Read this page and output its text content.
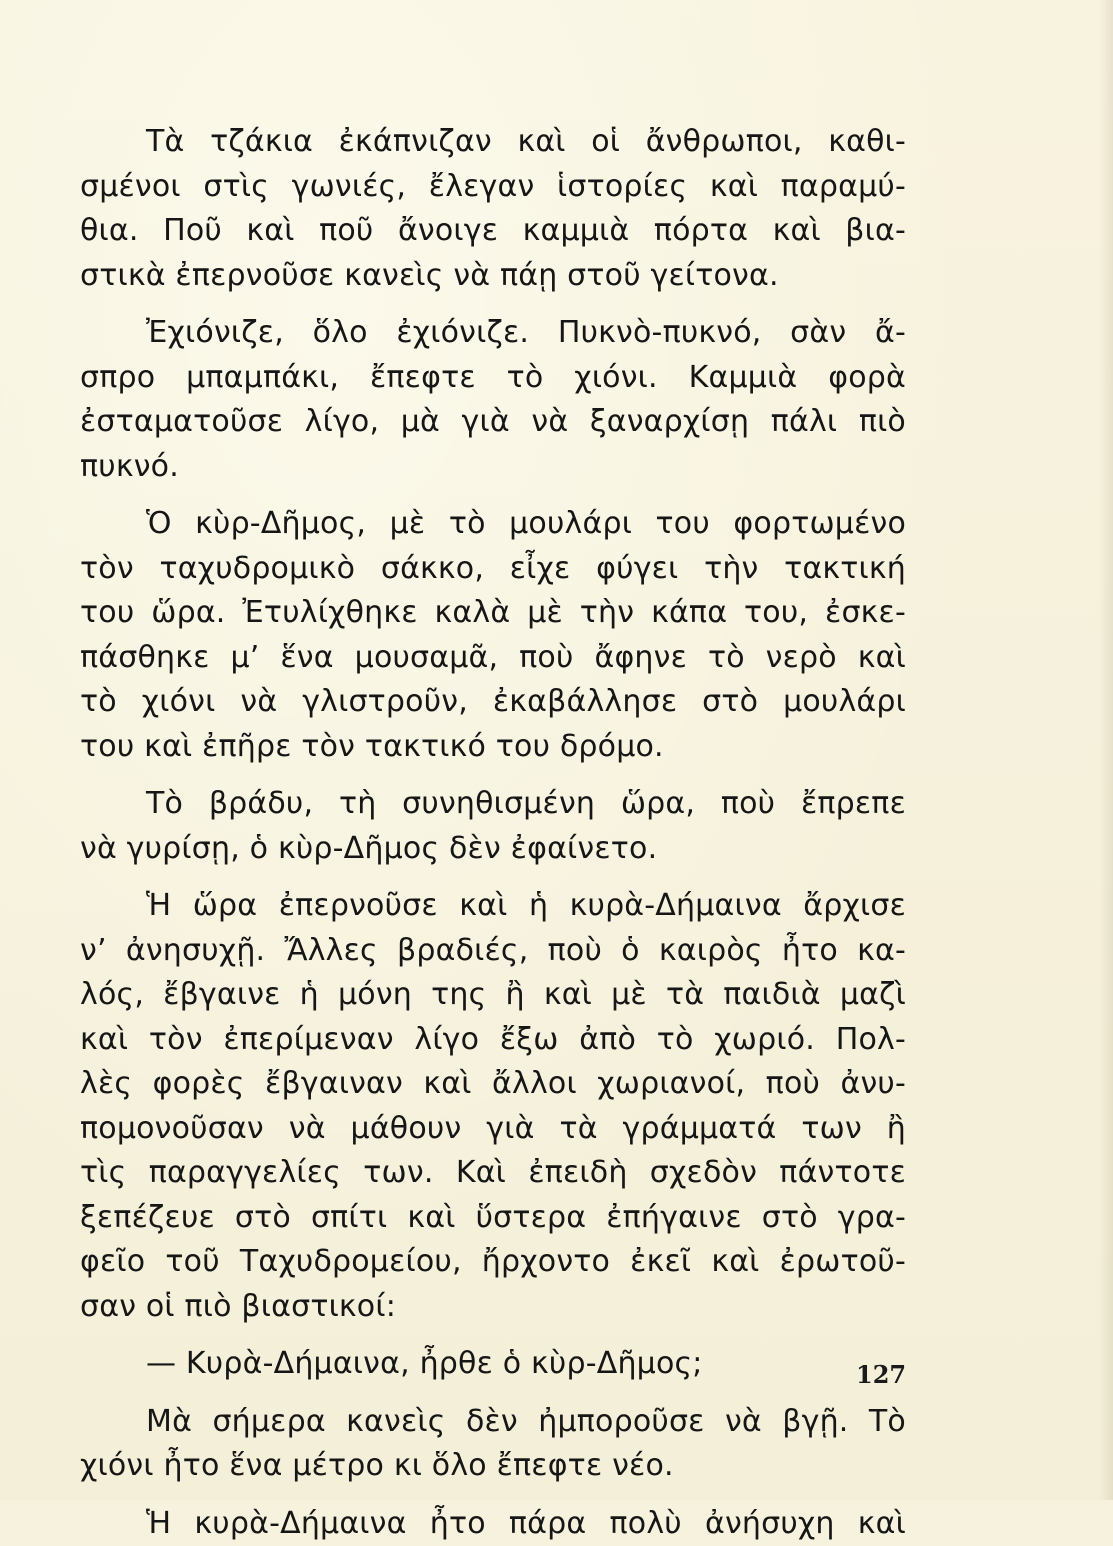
Τὰ τζάκια ἐκάπνιζαν καὶ οἱ ἄνθρωποι, καθι-
σμένοι στὶς γωνιές, ἔλεγαν ἱστορίες καὶ παραμύ-
θια. Ποῦ καὶ ποῦ ἄνοιγε καμμιὰ πόρτα καὶ βια-
στικὰ ἐπερνοῦσε κανεὶς νὰ πάῃ στοῦ γείτονα.
Ἐχιόνιζε, ὅλο ἐχιόνιζε. Πυκνὸ-πυκνό, σὰν ἄ-
σπρο μπαμπάκι, ἔπεφτε τὸ χιόνι. Καμμιὰ φορὰ
ἐσταματοῦσε λίγο, μὰ γιὰ νὰ ξαναρχίσῃ πάλι πιὸ
πυκνό.
Ὁ κὺρ-Δῆμος, μὲ τὸ μουλάρι του φορτωμένο
τὸν ταχυδρομικὸ σάκκο, εἶχε φύγει τὴν τακτική
του ὥρα. Ἐτυλίχθηκε καλὰ μὲ τὴν κάπα του, ἐσκε-
πάσθηκε μ’ ἕνα μουσαμᾶ, ποὺ ἄφηνε τὸ νερὸ καὶ
τὸ χιόνι νὰ γλιστροῦν, ἐκαβάλλησε στὸ μουλάρι
του καὶ ἐπῆρε τὸν τακτικό του δρόμο.
Τὸ βράδυ, τὴ συνηθισμένη ὥρα, ποὺ ἔπρεπε
νὰ γυρίσῃ, ὁ κὺρ-Δῆμος δὲν ἐφαίνετο.
Ἡ ὥρα ἐπερνοῦσε καὶ ἡ κυρὰ-Δήμαινα ἄρχισε
ν’ ἀνησυχῇ. Ἄλλες βραδιές, ποὺ ὁ καιρὸς ἦτο κα-
λός, ἔβγαινε ἡ μόνη της ἢ καὶ μὲ τὰ παιδιὰ μαζὶ
καὶ τὸν ἐπερίμεναν λίγο ἔξω ἀπὸ τὸ χωριό. Πολ-
λὲς φορὲς ἔβγαιναν καὶ ἄλλοι χωριανοί, ποὺ ἀνυ-
πομονοῦσαν νὰ μάθουν γιὰ τὰ γράμματά των ἢ
τὶς παραγγελίες των. Καὶ ἐπειδὴ σχεδὸν πάντοτε
ξεπέζευε στὸ σπίτι καὶ ὕστερα ἐπήγαινε στὸ γρα-
φεῖο τοῦ Ταχυδρομείου, ἤρχοντο ἐκεῖ καὶ ἐρωτοῦ-
σαν οἱ πιὸ βιαστικοί:
— Κυρὰ-Δήμαινα, ἦρθε ὁ κὺρ-Δῆμος;
Μὰ σήμερα κανεὶς δὲν ἠμποροῦσε νὰ βγῇ. Τὸ
χιόνι ἦτο ἕνα μέτρο κι ὅλο ἔπεφτε νέο.
Ἡ κυρὰ-Δήμαινα ἦτο πάρα πολὺ ἀνήσυχη καὶ
127
